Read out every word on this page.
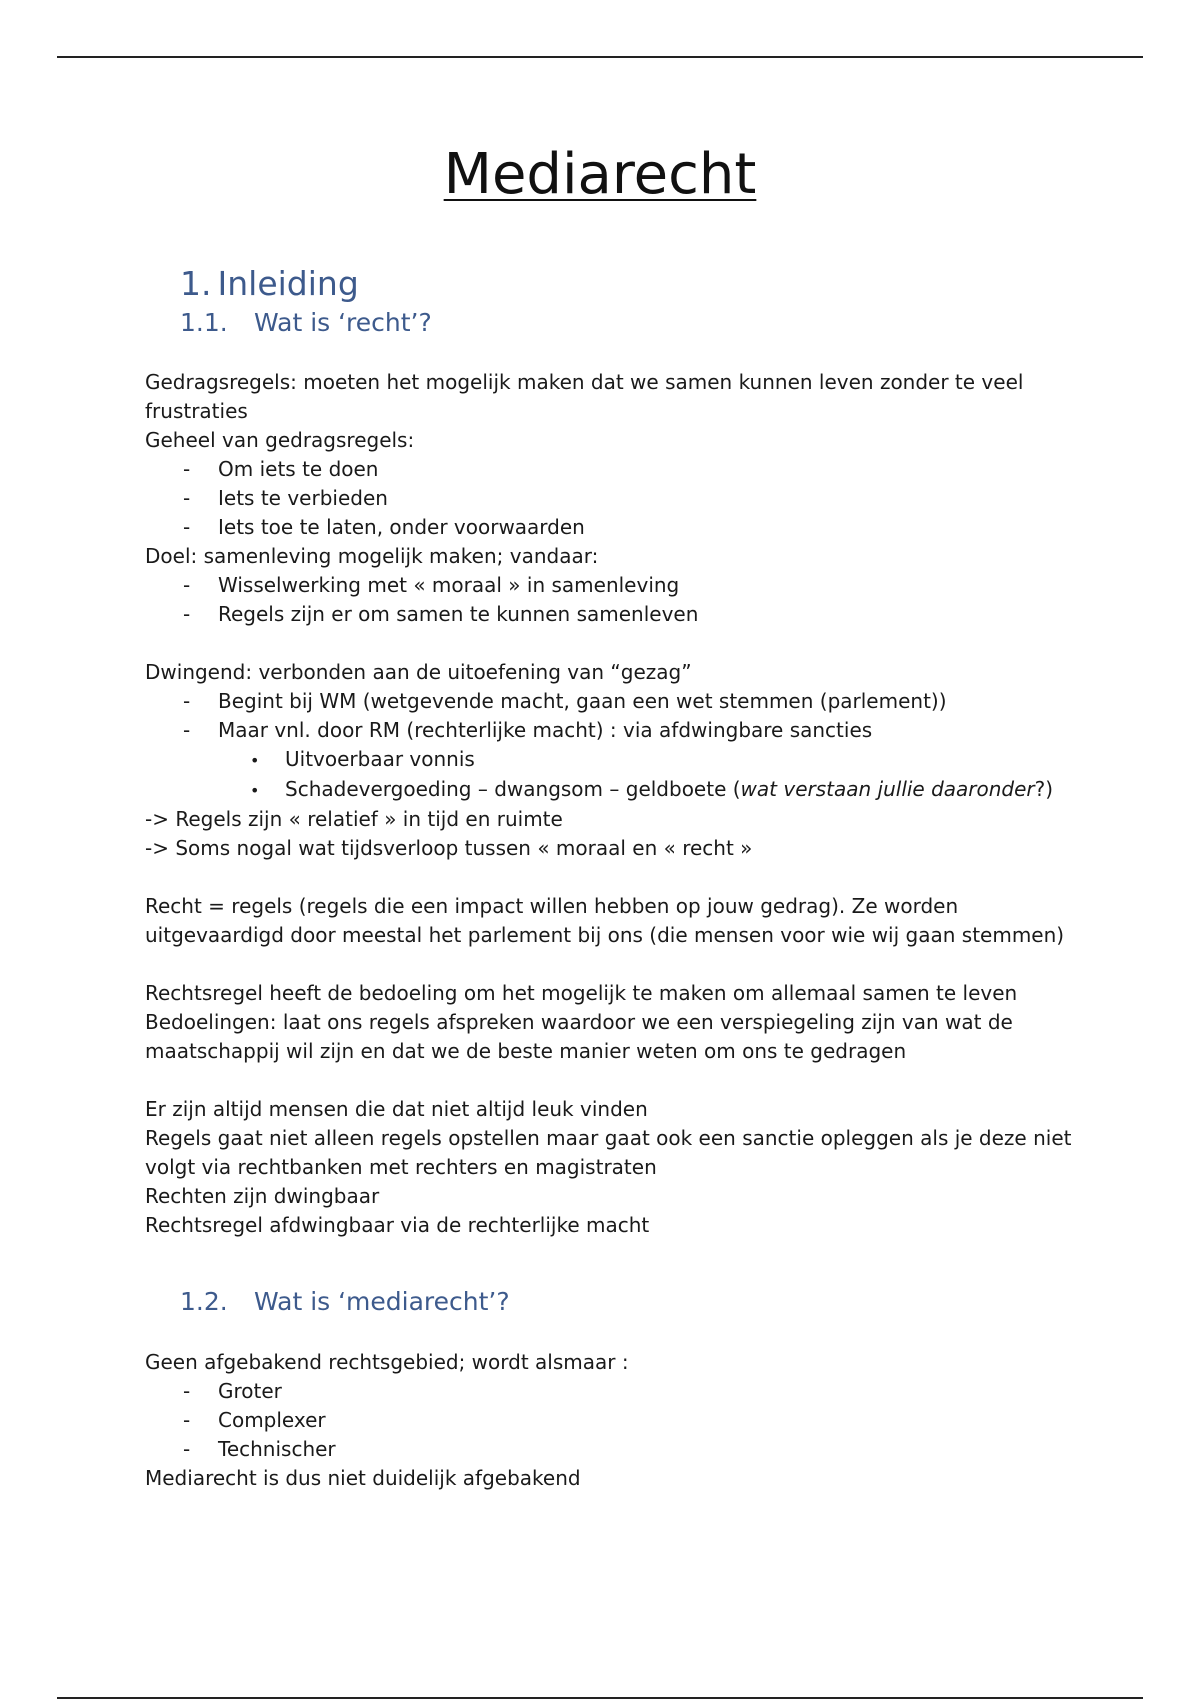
Mediarecht
1. Inleiding
1.1. Wat is ‘recht’?
Gedragsregels: moeten het mogelijk maken dat we samen kunnen leven zonder te veel
frustraties
Geheel van gedragsregels:
- Om iets te doen
- Iets te verbieden
- Iets toe te laten, onder voorwaarden
Doel: samenleving mogelijk maken; vandaar:
- Wisselwerking met « moraal » in samenleving
- Regels zijn er om samen te kunnen samenleven
Dwingend: verbonden aan de uitoefening van “gezag”
- Begint bij WM (wetgevende macht, gaan een wet stemmen (parlement))
- Maar vnl. door RM (rechterlijke macht) : via afdwingbare sancties
• Uitvoerbaar vonnis
• Schadevergoeding – dwangsom – geldboete (wat verstaan jullie daaronder?)
-> Regels zijn « relatief » in tijd en ruimte
-> Soms nogal wat tijdsverloop tussen « moraal en « recht »
Recht = regels (regels die een impact willen hebben op jouw gedrag). Ze worden
uitgevaardigd door meestal het parlement bij ons (die mensen voor wie wij gaan stemmen)
Rechtsregel heeft de bedoeling om het mogelijk te maken om allemaal samen te leven
Bedoelingen: laat ons regels afspreken waardoor we een verspiegeling zijn van wat de
maatschappij wil zijn en dat we de beste manier weten om ons te gedragen
Er zijn altijd mensen die dat niet altijd leuk vinden
Regels gaat niet alleen regels opstellen maar gaat ook een sanctie opleggen als je deze niet
volgt via rechtbanken met rechters en magistraten
Rechten zijn dwingbaar
Rechtsregel afdwingbaar via de rechterlijke macht
1.2. Wat is ‘mediarecht’?
Geen afgebakend rechtsgebied; wordt alsmaar :
- Groter
- Complexer
- Technischer
Mediarecht is dus niet duidelijk afgebakend
